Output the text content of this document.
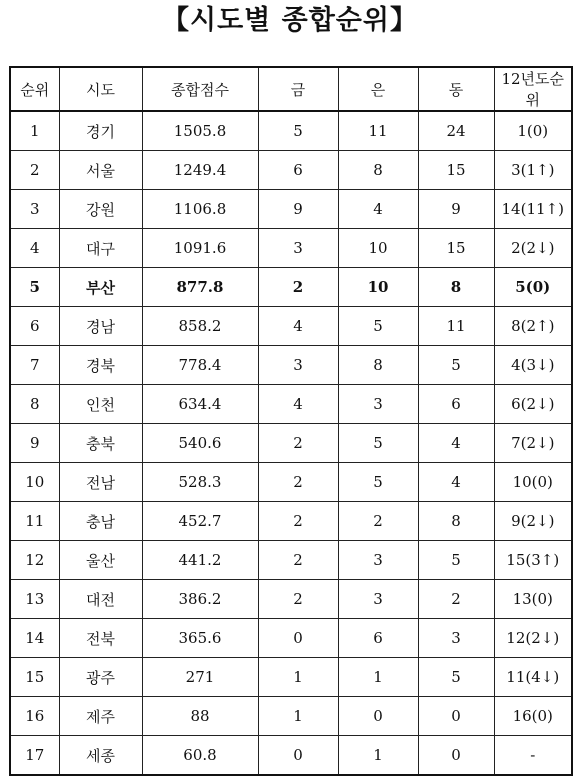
【시도별 종합순위】
순위	시도	종합점수	금	은	동	12년도순위
1	경기	1505.8	5	11	24	1(0)
2	서울	1249.4	6	8	15	3(1↑)
3	강원	1106.8	9	4	9	14(11↑)
4	대구	1091.6	3	10	15	2(2↓)
5	부산	877.8	2	10	8	5(0)
6	경남	858.2	4	5	11	8(2↑)
7	경북	778.4	3	8	5	4(3↓)
8	인천	634.4	4	3	6	6(2↓)
9	충북	540.6	2	5	4	7(2↓)
10	전남	528.3	2	5	4	10(0)
11	충남	452.7	2	2	8	9(2↓)
12	울산	441.2	2	3	5	15(3↑)
13	대전	386.2	2	3	2	13(0)
14	전북	365.6	0	6	3	12(2↓)
15	광주	271	1	1	5	11(4↓)
16	제주	88	1	0	0	16(0)
17	세종	60.8	0	1	0	-
